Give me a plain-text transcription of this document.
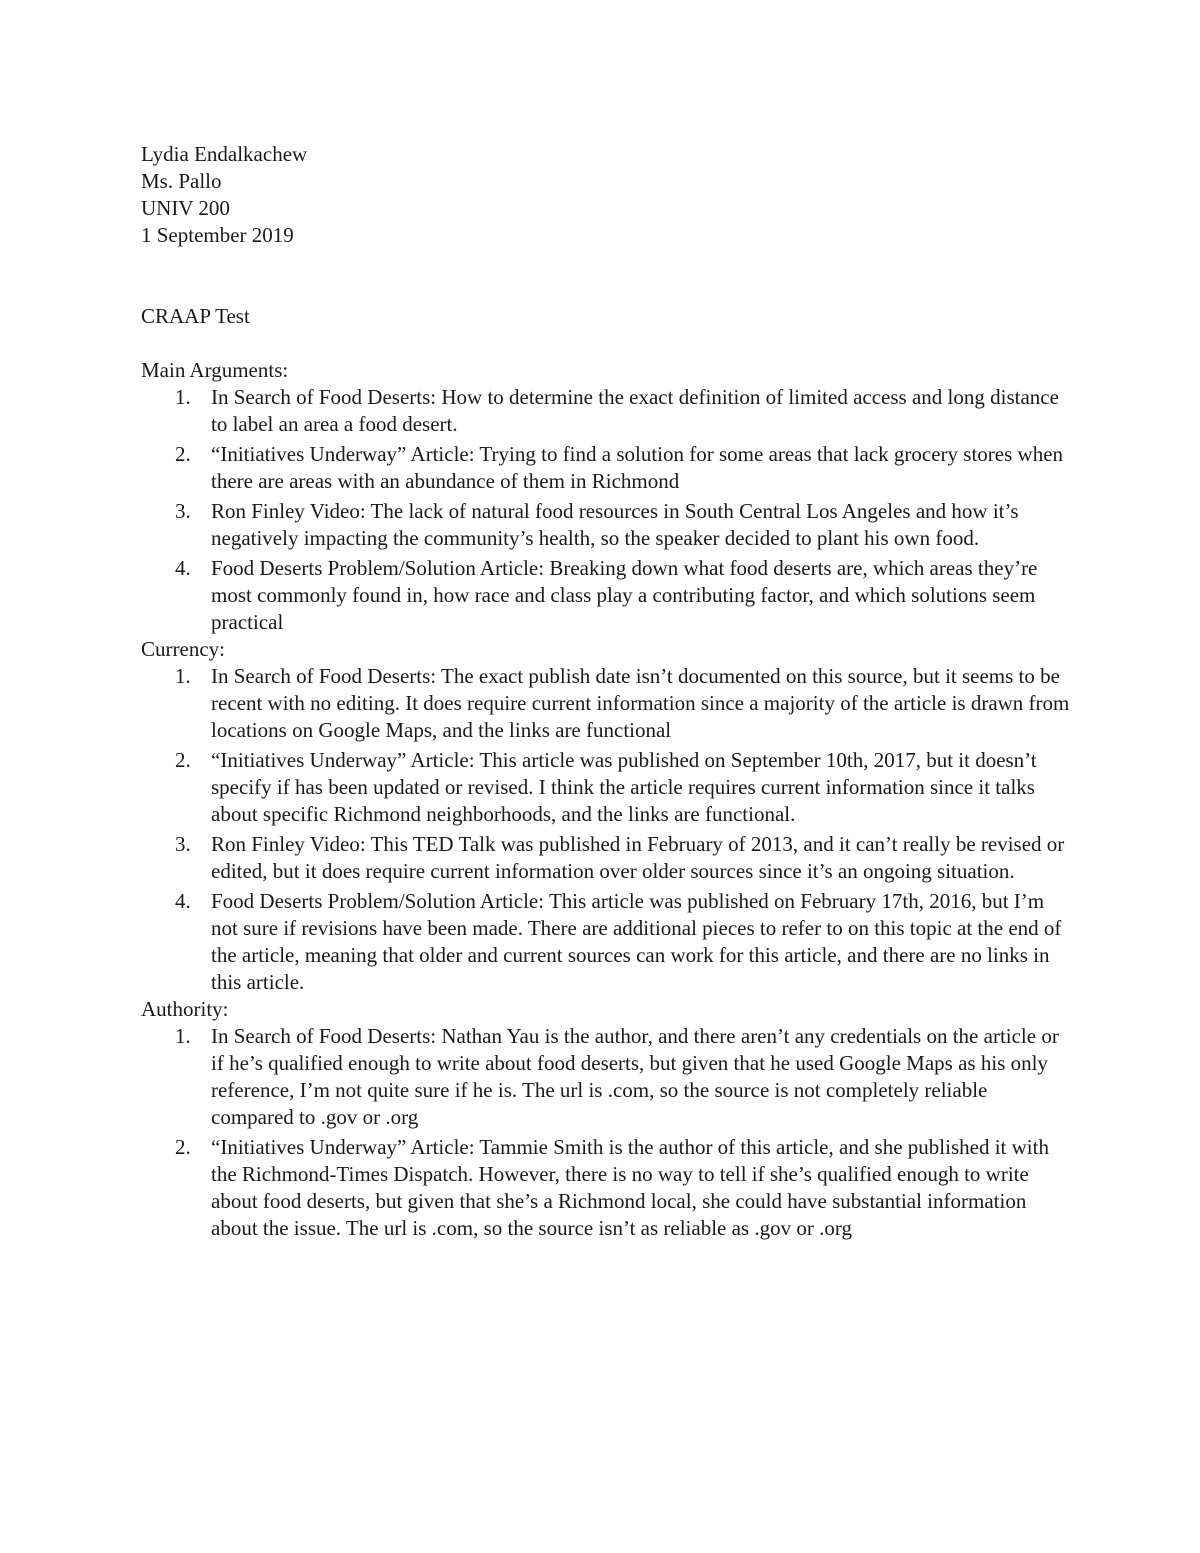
Lydia Endalkachew
Ms. Pallo
UNIV 200
1 September 2019
CRAAP Test
Main Arguments:
1. In Search of Food Deserts: How to determine the exact definition of limited access and long distance to label an area a food desert.
2. “Initiatives Underway” Article: Trying to find a solution for some areas that lack grocery stores when there are areas with an abundance of them in Richmond
3. Ron Finley Video: The lack of natural food resources in South Central Los Angeles and how it’s negatively impacting the community’s health, so the speaker decided to plant his own food.
4. Food Deserts Problem/Solution Article: Breaking down what food deserts are, which areas they’re most commonly found in, how race and class play a contributing factor, and which solutions seem practical
Currency:
1. In Search of Food Deserts: The exact publish date isn’t documented on this source, but it seems to be recent with no editing. It does require current information since a majority of the article is drawn from locations on Google Maps, and the links are functional
2. “Initiatives Underway” Article: This article was published on September 10th, 2017, but it doesn’t specify if has been updated or revised. I think the article requires current information since it talks about specific Richmond neighborhoods, and the links are functional.
3. Ron Finley Video: This TED Talk was published in February of 2013, and it can’t really be revised or edited, but it does require current information over older sources since it’s an ongoing situation.
4. Food Deserts Problem/Solution Article: This article was published on February 17th, 2016, but I’m not sure if revisions have been made. There are additional pieces to refer to on this topic at the end of the article, meaning that older and current sources can work for this article, and there are no links in this article.
Authority:
1. In Search of Food Deserts: Nathan Yau is the author, and there aren’t any credentials on the article or if he’s qualified enough to write about food deserts, but given that he used Google Maps as his only reference, I’m not quite sure if he is. The url is .com, so the source is not completely reliable compared to .gov or .org
2. “Initiatives Underway” Article: Tammie Smith is the author of this article, and she published it with the Richmond-Times Dispatch. However, there is no way to tell if she’s qualified enough to write about food deserts, but given that she’s a Richmond local, she could have substantial information about the issue. The url is .com, so the source isn’t as reliable as .gov or .org
